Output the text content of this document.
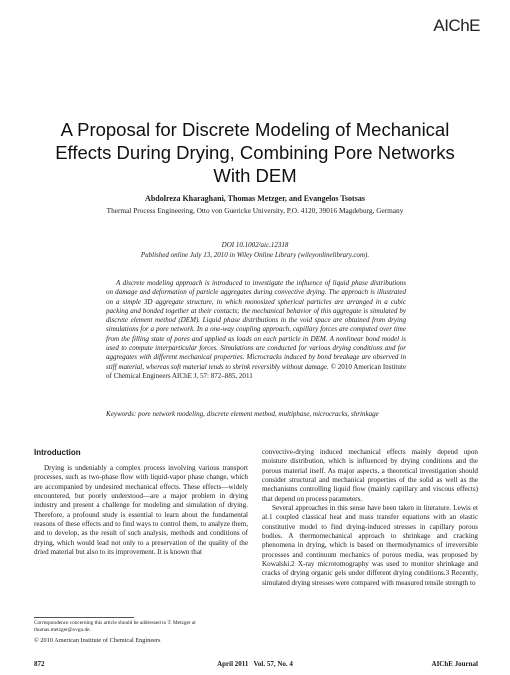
AIChE
A Proposal for Discrete Modeling of Mechanical Effects During Drying, Combining Pore Networks With DEM
Abdolreza Kharaghani, Thomas Metzger, and Evangelos Tsotsas
Thermal Process Engineering, Otto von Guericke University, P.O. 4120, 39016 Magdeburg, Germany
DOI 10.1002/aic.12318
Published online July 13, 2010 in Wiley Online Library (wileyonlinelibrary.com).

A discrete modeling approach is introduced to investigate the influence of liquid phase distributions on damage and deformation of particle aggregates during convective drying. The approach is illustrated on a simple 3D aggregate structure, in which monosized spherical particles are arranged in a cubic packing and bonded together at their contacts; the mechanical behavior of this aggregate is simulated by discrete element method (DEM). Liquid phase distributions in the void space are obtained from drying simulations for a pore network. In a one-way coupling approach, capillary forces are computed over time from the filling state of pores and applied as loads on each particle in DEM. A nonlinear bond model is used to compute interparticular forces. Simulations are conducted for various drying conditions and for aggregates with different mechanical properties. Microcracks induced by bond breakage are observed in stiff material, whereas soft material tends to shrink reversibly without damage. © 2010 American Institute of Chemical Engineers AIChE J, 57: 872–885, 2011

Keywords: pore network modeling, discrete element method, multiphase, microcracks, shrinkage

Introduction

Drying is undeniably a complex process involving various transport processes, such as two-phase flow with liquid-vapor phase change, which are accompanied by undesired mechanical effects. These effects—widely encountered, but poorly understood—are a major problem in drying industry and present a challenge for modeling and simulation of drying. Therefore, a profound study is essential to learn about the fundamental reasons of these effects and to find ways to control them, to analyze them, and to develop, as the result of such analysis, methods and conditions of drying, which would lead not only to a preservation of the quality of the dried material but also to its improvement. It is known that

convective-drying induced mechanical effects mainly depend upon moisture distribution, which is influenced by drying conditions and the porous material itself. As major aspects, a theoretical investigation should consider structural and mechanical properties of the solid as well as the mechanisms controlling liquid flow (mainly capillary and viscous effects) that depend on process parameters.

Several approaches in this sense have been taken in literature. Lewis et al.1 coupled classical heat and mass transfer equations with an elastic constitutive model to find drying-induced stresses in capillary porous bodies. A thermomechanical approach to shrinkage and cracking phenomena in drying, which is based on thermodynamics of irreversible processes and continuum mechanics of porous media, was proposed by Kowalski.2 X-ray microtomography was used to monitor shrinkage and cracks of drying organic gels under different drying conditions.3 Recently, simulated drying stresses were compared with measured tensile strength to

Correspondence concerning this article should be addressed to T. Metzger at thomas.metzger@ovgu.de.

© 2010 American Institute of Chemical Engineers

872	April 2011   Vol. 57, No. 4	AIChE Journal
